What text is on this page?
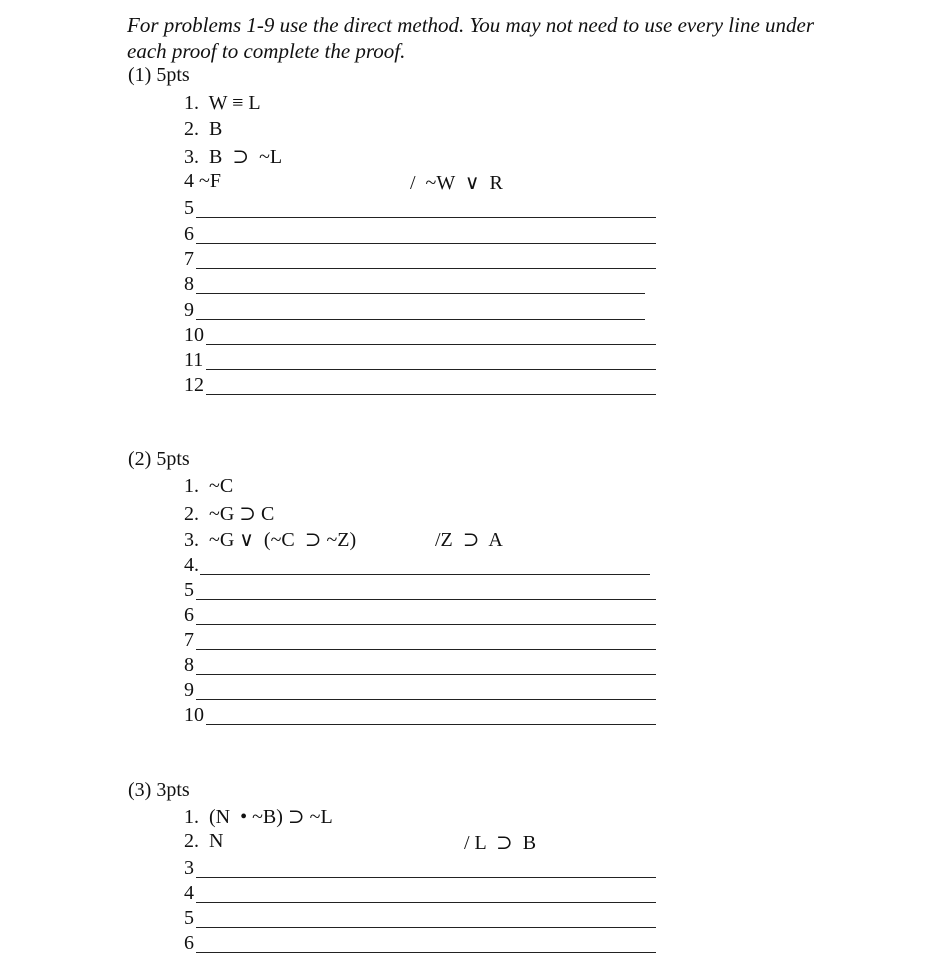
For problems 1-9 use the direct method. You may not need to use every line under
each proof to complete the proof.
(1) 5pts
1.  W ≡ L
2.  B
3.  B  ⊃  ~L
4 ~F	/  ~W  ∨  R
5
6
7
8
9
10
11
12
(2) 5pts
1.  ~C
2.  ~G ⊃ C
3.  ~G ∨  (~C  ⊃ ~Z)	/Z  ⊃  A
4.
5
6
7
8
9
10
(3) 3pts
1.  (N  • ~B) ⊃ ~L
2.  N	/ L  ⊃  B
3
4
5
6
